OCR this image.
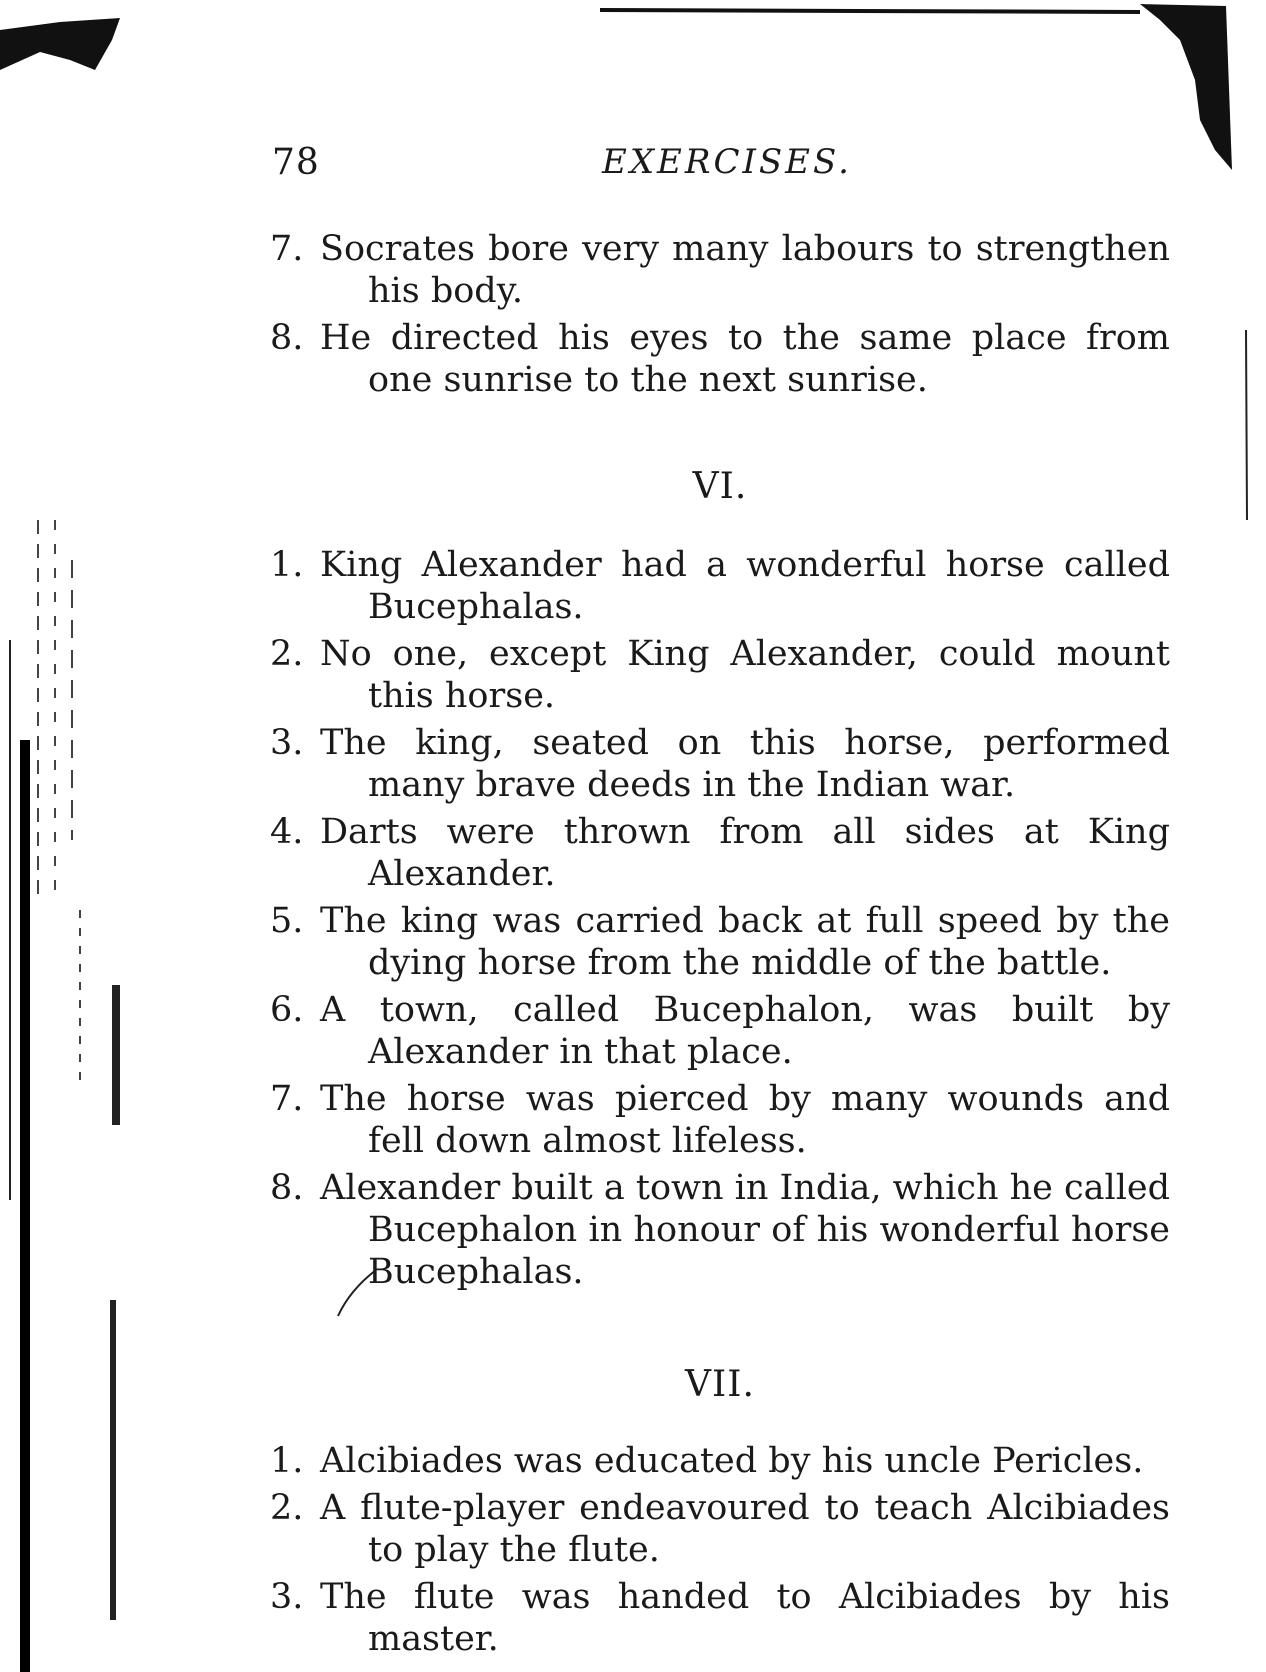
78	EXERCISES.
7. Socrates bore very many labours to strengthen his body.
8. He directed his eyes to the same place from one sunrise to the next sunrise.
VI.
1. King Alexander had a wonderful horse called Bucephalas.
2. No one, except King Alexander, could mount this horse.
3. The king, seated on this horse, performed many brave deeds in the Indian war.
4. Darts were thrown from all sides at King Alexander.
5. The king was carried back at full speed by the dying horse from the middle of the battle.
6. A town, called Bucephalon, was built by Alexander in that place.
7. The horse was pierced by many wounds and fell down almost lifeless.
8. Alexander built a town in India, which he called Bucephalon in honour of his wonderful horse Bucephalas.
VII.
1. Alcibiades was educated by his uncle Pericles.
2. A flute-player endeavoured to teach Alcibiades to play the flute.
3. The flute was handed to Alcibiades by his master.
